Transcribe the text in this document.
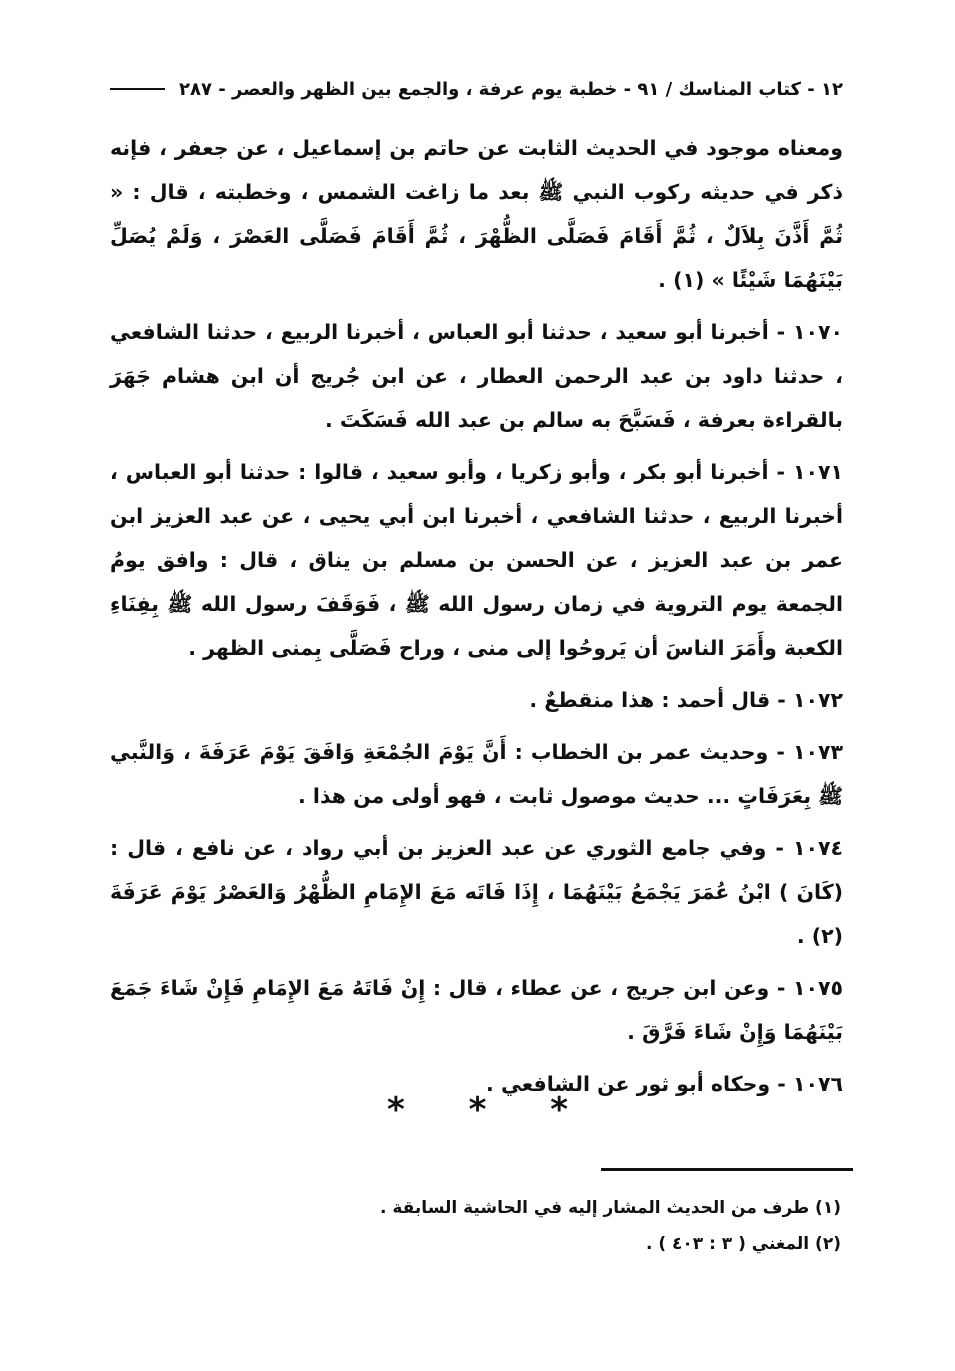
١٢ - كتاب المناسك / ٩١ - خطبة يوم عرفة ، والجمع بين الظهر والعصر - ٢٨٧

ومعناه موجود في الحديث الثابت عن حاتم بن إسماعيل ، عن جعفر ، فإنه ذكر في حديثه ركوب النبي ﷺ بعد ما زاغت الشمس ، وخطبته ، قال : « ثُمَّ أَذَّنَ بِلاَلٌ ، ثُمَّ أَقَامَ فَصَلَّى الظُّهْرَ ، ثُمَّ أَقَامَ فَصَلَّى العَصْرَ ، وَلَمْ يُصَلِّ بَيْنَهُمَا شَيْئًا » (١) .

١٠٧٠ - أخبرنا أبو سعيد ، حدثنا أبو العباس ، أخبرنا الربيع ، حدثنا الشافعي ، حدثنا داود بن عبد الرحمن العطار ، عن ابن جُريج أن ابن هشام جَهَرَ بالقراءة بعرفة ، فَسَبَّحَ به سالم بن عبد الله فَسَكَتَ .

١٠٧١ - أخبرنا أبو بكر ، وأبو زكريا ، وأبو سعيد ، قالوا : حدثنا أبو العباس ، أخبرنا الربيع ، حدثنا الشافعي ، أخبرنا ابن أبي يحيى ، عن عبد العزيز ابن عمر بن عبد العزيز ، عن الحسن بن مسلم بن يناق ، قال : وافق يومُ الجمعة يوم التروية في زمان رسول الله ﷺ ، فَوَقَفَ رسول الله ﷺ بِفِنَاءِ الكعبة وأَمَرَ الناسَ أن يَروحُوا إلى منى ، وراح فَصَلَّى بِمنى الظهر .

١٠٧٢ - قال أحمد : هذا منقطعٌ .

١٠٧٣ - وحديث عمر بن الخطاب : أَنَّ يَوْمَ الجُمْعَةِ وَافَقَ يَوْمَ عَرَفَةَ ، وَالنَّبي ﷺ بِعَرَفَاتٍ ... حديث موصول ثابت ، فهو أولى من هذا .

١٠٧٤ - وفي جامع الثوري عن عبد العزيز بن أبي رواد ، عن نافع ، قال : (كَانَ ) ابْنُ عُمَرَ يَجْمَعُ بَيْنَهُمَا ، إِذَا فَاتَه مَعَ الإِمَامِ الظُّهْرُ وَالعَصْرُ يَوْمَ عَرَفَةَ (٢) .

١٠٧٥ - وعن ابن جريج ، عن عطاء ، قال : إِنْ فَاتَهُ مَعَ الإِمَامِ فَإِنْ شَاءَ جَمَعَ بَيْنَهُمَا وَإِنْ شَاءَ فَرَّقَ .

١٠٧٦ - وحكاه أبو ثور عن الشافعي .

* * *
(١) طرف من الحديث المشار إليه في الحاشية السابقة .
(٢) المغني ( ٣ : ٤٠٣ ) .
